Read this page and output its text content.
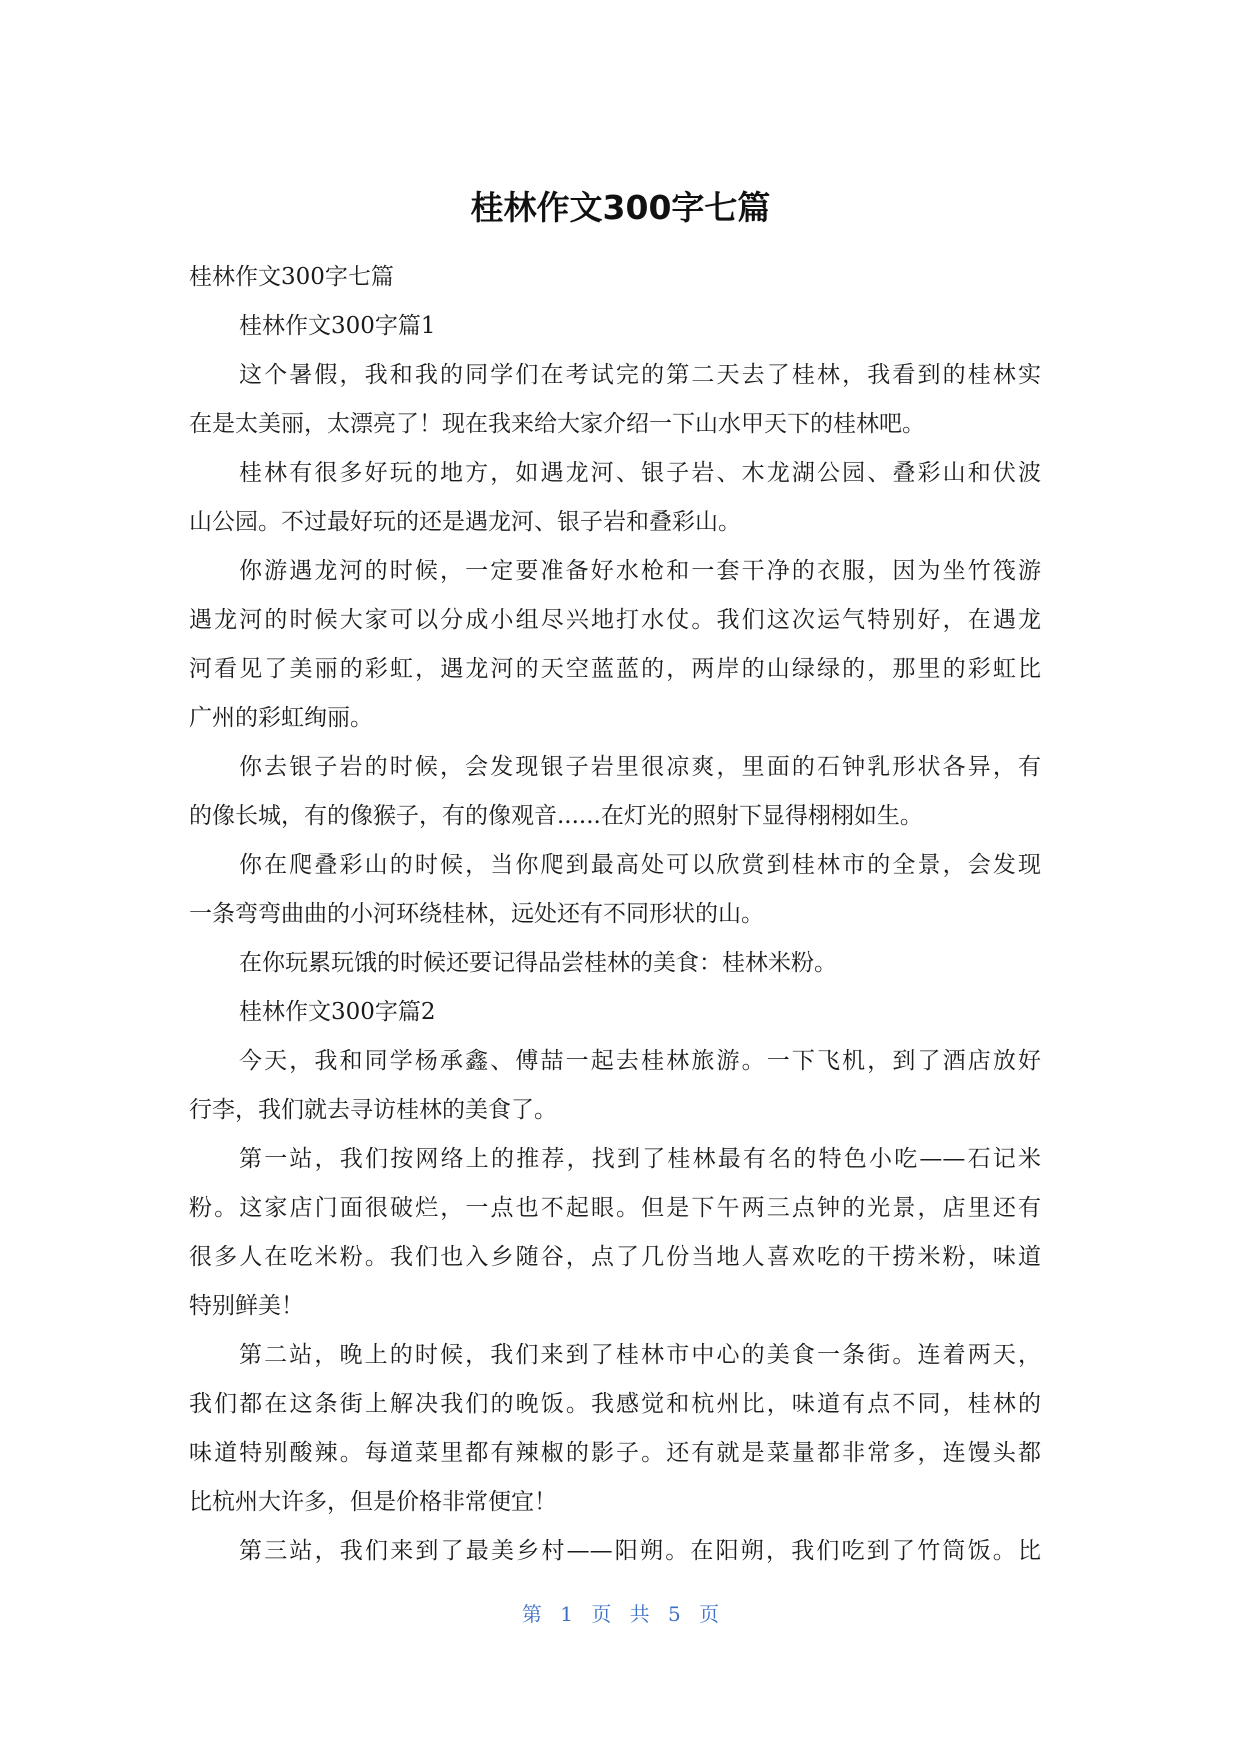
桂林作文300字七篇

桂林作文300字七篇

桂林作文300字篇1

这个暑假，我和我的同学们在考试完的第二天去了桂林，我看到的桂林实

在是太美丽，太漂亮了！现在我来给大家介绍一下山水甲天下的桂林吧。

桂林有很多好玩的地方，如遇龙河、银子岩、木龙湖公园、叠彩山和伏波

山公园。不过最好玩的还是遇龙河、银子岩和叠彩山。

你游遇龙河的时候，一定要准备好水枪和一套干净的衣服，因为坐竹筏游

遇龙河的时候大家可以分成小组尽兴地打水仗。我们这次运气特别好，在遇龙

河看见了美丽的彩虹，遇龙河的天空蓝蓝的，两岸的山绿绿的，那里的彩虹比

广州的彩虹绚丽。

你去银子岩的时候，会发现银子岩里很凉爽，里面的石钟乳形状各异，有

的像长城，有的像猴子，有的像观音......在灯光的照射下显得栩栩如生。

你在爬叠彩山的时候，当你爬到最高处可以欣赏到桂林市的全景，会发现

一条弯弯曲曲的小河环绕桂林，远处还有不同形状的山。

在你玩累玩饿的时候还要记得品尝桂林的美食：桂林米粉。

桂林作文300字篇2

今天，我和同学杨承鑫、傅喆一起去桂林旅游。一下飞机，到了酒店放好

行李，我们就去寻访桂林的美食了。

第一站，我们按网络上的推荐，找到了桂林最有名的特色小吃——石记米

粉。这家店门面很破烂，一点也不起眼。但是下午两三点钟的光景，店里还有

很多人在吃米粉。我们也入乡随谷，点了几份当地人喜欢吃的干捞米粉，味道

特别鲜美！

第二站，晚上的时候，我们来到了桂林市中心的美食一条街。连着两天，

我们都在这条街上解决我们的晚饭。我感觉和杭州比，味道有点不同，桂林的

味道特别酸辣。每道菜里都有辣椒的影子。还有就是菜量都非常多，连馒头都

比杭州大许多，但是价格非常便宜！

第三站，我们来到了最美乡村——阳朔。在阳朔，我们吃到了竹筒饭。比

第 1 页 共 5 页
